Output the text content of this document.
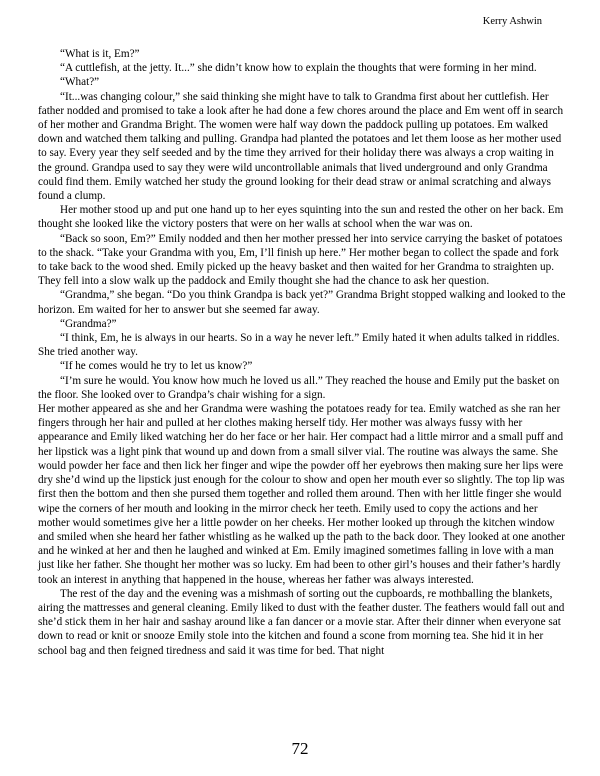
Kerry Ashwin

“What is it, Em?”

“A cuttlefish, at the jetty. It...” she didn’t know how to explain the thoughts that were forming in her mind.

“What?”

“It...was changing colour,” she said thinking she might have to talk to Grandma first about her cuttlefish. Her father nodded and promised to take a look after he had done a few chores around the place and Em went off in search of her mother and Grandma Bright. The women were half way down the paddock pulling up potatoes. Em walked down and watched them talking and pulling. Grandpa had planted the potatoes and let them loose as her mother used to say. Every year they self seeded and by the time they arrived for their holiday there was always a crop waiting in the ground. Grandpa used to say they were wild uncontrollable animals that lived underground and only Grandma could find them. Emily watched her study the ground looking for their dead straw or animal scratching and always found a clump.

Her mother stood up and put one hand up to her eyes squinting into the sun and rested the other on her back. Em thought she looked like the victory posters that were on her walls at school when the war was on.

“Back so soon, Em?” Emily nodded and then her mother pressed her into service carrying the basket of potatoes to the shack. “Take your Grandma with you, Em, I’ll finish up here.” Her mother began to collect the spade and fork to take back to the wood shed. Emily picked up the heavy basket and then waited for her Grandma to straighten up. They fell into a slow walk up the paddock and Emily thought she had the chance to ask her question.

“Grandma,” she began. “Do you think Grandpa is back yet?” Grandma Bright stopped walking and looked to the horizon. Em waited for her to answer but she seemed far away.

“Grandma?”

“I think, Em, he is always in our hearts. So in a way he never left.” Emily hated it when adults talked in riddles. She tried another way.

“If he comes would he try to let us know?”

“I’m sure he would. You know how much he loved us all.” They reached the house and Emily put the basket on the floor. She looked over to Grandpa’s chair wishing for a sign.

Her mother appeared as she and her Grandma were washing the potatoes ready for tea. Emily watched as she ran her fingers through her hair and pulled at her clothes making herself tidy. Her mother was always fussy with her appearance and Emily liked watching her do her face or her hair. Her compact had a little mirror and a small puff and her lipstick was a light pink that wound up and down from a small silver vial. The routine was always the same. She would powder her face and then lick her finger and wipe the powder off her eyebrows then making sure her lips were dry she’d wind up the lipstick just enough for the colour to show and open her mouth ever so slightly. The top lip was first then the bottom and then she pursed them together and rolled them around. Then with her little finger she would wipe the corners of her mouth and looking in the mirror check her teeth. Emily used to copy the actions and her mother would sometimes give her a little powder on her cheeks. Her mother looked up through the kitchen window and smiled when she heard her father whistling as he walked up the path to the back door. They looked at one another and he winked at her and then he laughed and winked at Em. Emily imagined sometimes falling in love with a man just like her father. She thought her mother was so lucky. Em had been to other girl’s houses and their father’s hardly took an interest in anything that happened in the house, whereas her father was always interested.

The rest of the day and the evening was a mishmash of sorting out the cupboards, re mothballing the blankets, airing the mattresses and general cleaning. Emily liked to dust with the feather duster. The feathers would fall out and she’d stick them in her hair and sashay around like a fan dancer or a movie star. After their dinner when everyone sat down to read or knit or snooze Emily stole into the kitchen and found a scone from morning tea. She hid it in her school bag and then feigned tiredness and said it was time for bed. That night

72
